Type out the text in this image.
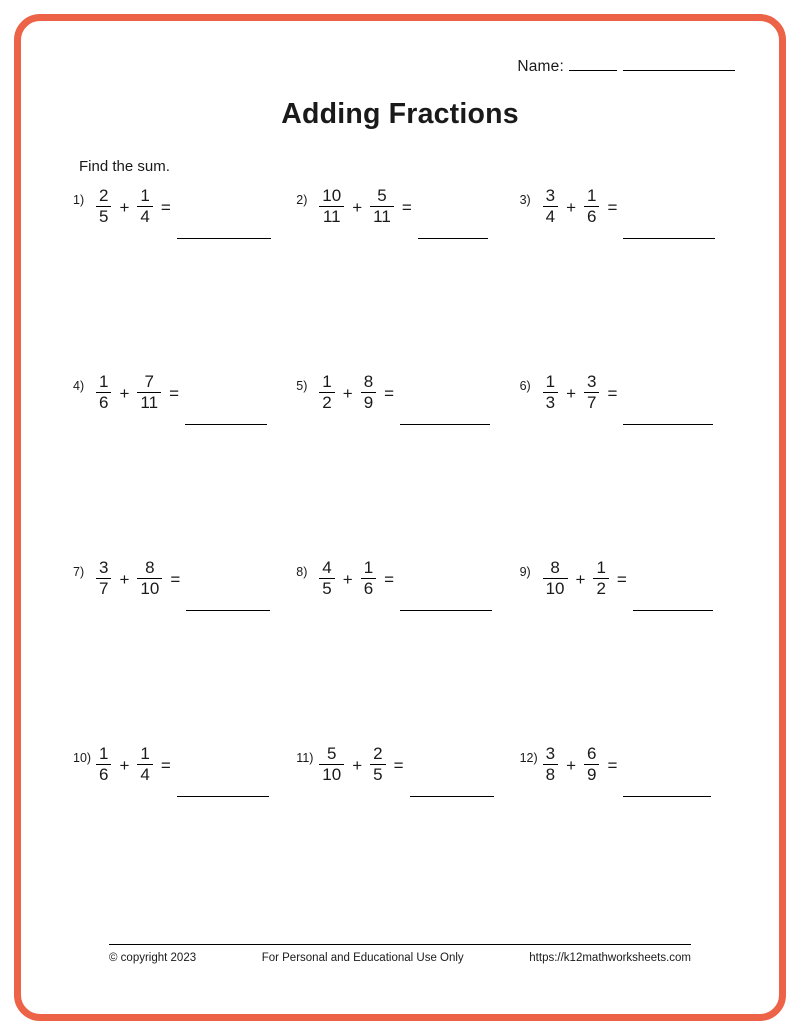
Name:
Adding Fractions
Find the sum.
$1) \frac{2}{5} + \frac{1}{4}$ =	$2) \frac{10}{11} + \frac{5}{11}$ =	$3) \frac{3}{4} + \frac{1}{6}$ =
$4) \frac{1}{6} + \frac{7}{11}$ =	$5) \frac{1}{2} + \frac{8}{9}$ =	$6) \frac{1}{3} + \frac{3}{7}$ =
$7) \frac{3}{7} + \frac{8}{10}$ =	$8) \frac{4}{5} + \frac{1}{6}$ =	$9) \frac{8}{10} + \frac{1}{2}$ =
$10) \frac{1}{6} + \frac{1}{4}$ =	$11) \frac{5}{10} + \frac{2}{5}$ =	$12) \frac{3}{8} + \frac{6}{9}$ =
© copyright 2023	For Personal and Educational Use Only	https://k12mathworksheets.com
